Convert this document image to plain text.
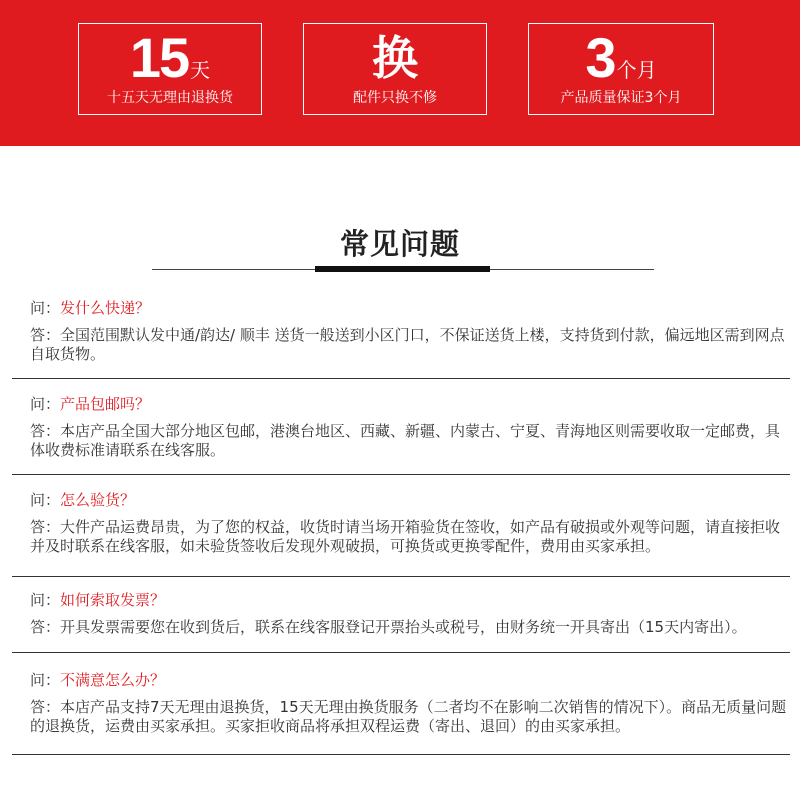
15 天
十五天无理由退换货
换
配件只换不修
3 个月
产品质量保证3个月
常见问题
问：发什么快递？
答：全国范围默认发中通/韵达/ 顺丰 送货一般送到小区门口，不保证送货上楼，支持货到付款，偏远地区需到网点自取货物。
问：产品包邮吗？
答：本店产品全国大部分地区包邮，港澳台地区、西藏、新疆、内蒙古、宁夏、青海地区则需要收取一定邮费，具体收费标准请联系在线客服。
问：怎么验货？
答：大件产品运费昂贵，为了您的权益，收货时请当场开箱验货在签收，如产品有破损或外观等问题，请直接拒收并及时联系在线客服，如未验货签收后发现外观破损，可换货或更换零配件，费用由买家承担。
问：如何索取发票？
答：开具发票需要您在收到货后，联系在线客服登记开票抬头或税号，由财务统一开具寄出（15天内寄出）。
问：不满意怎么办？
答：本店产品支持7天无理由退换货，15天无理由换货服务（二者均不在影响二次销售的情况下）。商品无质量问题的退换货，运费由买家承担。买家拒收商品将承担双程运费（寄出、退回）的由买家承担。
